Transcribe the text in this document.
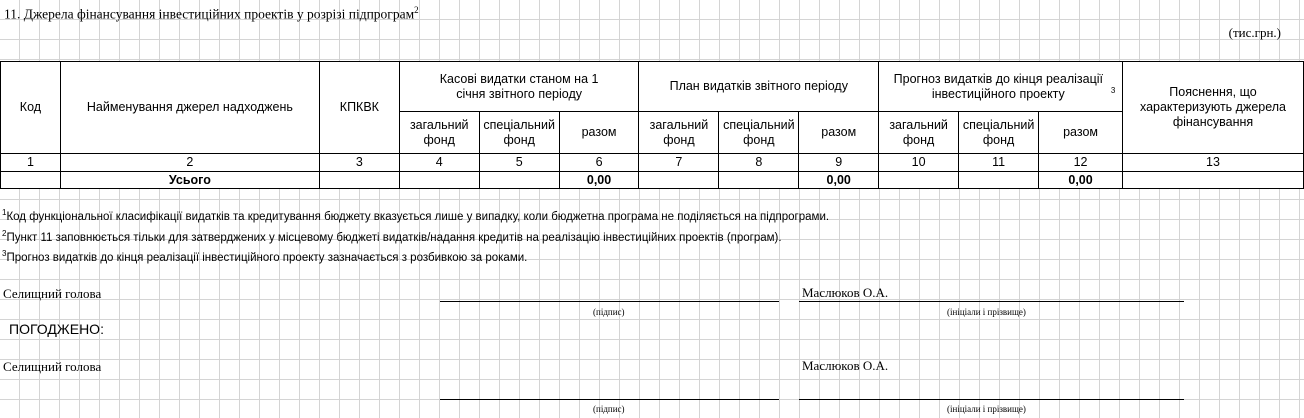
11. Джерела фінансування інвестиційних проектів у розрізі підпрограм$^2$
(тис.грн.)
Код	Найменування джерел надходжень	КПКВК	Касові видатки станом на 1 січня звітного періоду			План видатків звітного періоду			Прогноз видатків до кінця реалізації інвестиційного проекту $^3$			Пояснення, що характеризують джерела фінансування
			загальний фонд	спеціальний фонд	разом	загальний фонд	спеціальний фонд	разом	загальний фонд	спеціальний фонд	разом	
1	2	3	4	5	6	7	8	9	10	11	12	13
	Усього				0,00			0,00			0,00	
$^1$Код функціональної класифікації видатків та кредитування бюджету вказується лише у випадку, коли бюджетна програма не поділяється на підпрограми.
$^2$Пункт 11 заповнюється тільки для затверджених у місцевому бюджеті видатків/надання кредитів на реалізацію інвестиційних проектів (програм).
$^3$Прогноз видатків до кінця реалізації інвестиційного проекту зазначається з розбивкою за роками.
Селищний голова
(підпис)
Маслюков О.А.
(ініціали і прізвище)
ПОГОДЖЕНО:
Селищний голова
(підпис)
Маслюков О.А.
(ініціали і прізвище)
